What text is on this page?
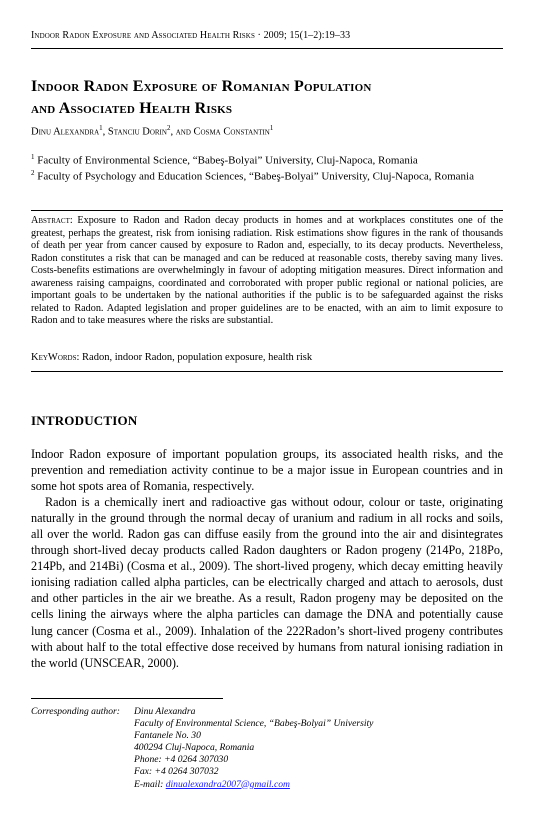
Indoor Radon Exposure and Associated Health Risks · 2009; 15(1–2):19–33
Indoor Radon Exposure of Romanian Population
and Associated Health Risks
Dinu Alexandra$^1$, Stanciu Dorin$^2$, and Cosma Constantin$^1$
$^1$ Faculty of Environmental Science, “Babeş-Bolyai” University, Cluj-Napoca, Romania
$^2$ Faculty of Psychology and Education Sciences, “Babeş-Bolyai” University, Cluj-Napoca, Romania
Abstract: Exposure to Radon and Radon decay products in homes and at workplaces constitutes one of the greatest, perhaps the greatest, risk from ionising radiation. Risk estimations show figures in the rank of thousands of death per year from cancer caused by exposure to Radon and, especially, to its decay products. Nevertheless, Radon constitutes a risk that can be managed and can be reduced at reasonable costs, thereby saving many lives. Costs-benefits estimations are overwhelmingly in favour of adopting mitigation measures. Direct information and awareness raising campaigns, coordinated and corroborated with proper public regional or national policies, are important goals to be undertaken by the national authorities if the public is to be safeguarded against the risks related to Radon. Adapted legislation and proper guidelines are to be enacted, with an aim to limit exposure to Radon and to take measures where the risks are substantial.
KeyWords: Radon, indoor Radon, population exposure, health risk
INTRODUCTION

Indoor Radon exposure of important population groups, its associated health risks, and the prevention and remediation activity continue to be a major issue in European countries and in some hot spots area of Romania, respectively.

Radon is a chemically inert and radioactive gas without odour, colour or taste, originating naturally in the ground through the normal decay of uranium and radium in all rocks and soils, all over the world. Radon gas can diffuse easily from the ground into the air and disintegrates through short-lived decay products called Radon daughters or Radon progeny (214Po, 218Po, 214Pb, and 214Bi) (Cosma et al., 2009). The short-lived progeny, which decay emitting heavily ionising radiation called alpha particles, can be electrically charged and attach to aerosols, dust and other particles in the air we breathe. As a result, Radon progeny may be deposited on the cells lining the airways where the alpha particles can damage the DNA and potentially cause lung cancer (Cosma et al., 2009). Inhalation of the 222Radon’s short-lived progeny contributes with about half to the total effective dose received by humans from natural ionising radiation in the world (UNSCEAR, 2000).

Corresponding author:	Dinu Alexandra
Faculty of Environmental Science, “Babeş-Bolyai” University
Fantanele No. 30
400294 Cluj-Napoca, Romania
Phone: +4 0264 307030
Fax: +4 0264 307032
E-mail: dinualexandra2007@gmail.com
